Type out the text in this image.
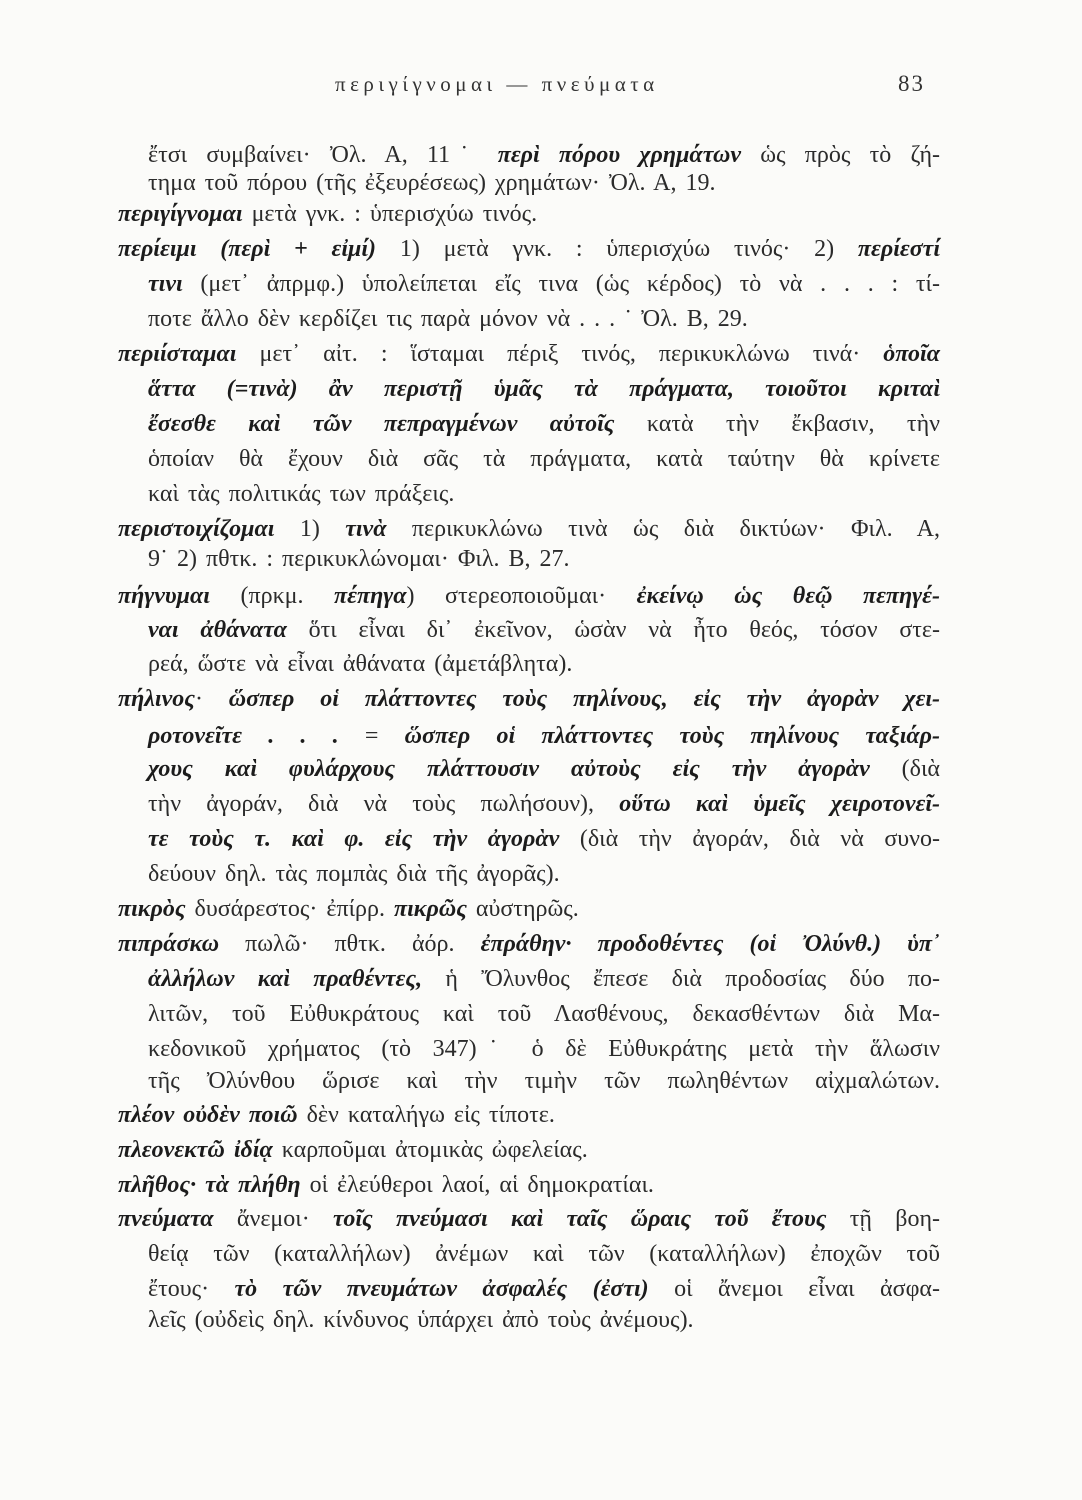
περιγίγνομαι — πνεύματα	83
ἔτσι συμβαίνει· Ὀλ. Α, 11˙ περὶ πόρου χρημάτων ὡς πρὸς τὸ ζή-
τημα τοῦ πόρου (τῆς ἐξευρέσεως) χρημάτων· Ὀλ. Α, 19.
περιγίγνομαι μετὰ γνκ. : ὑπερισχύω τινός.
περίειμι (περὶ + εἰμί) 1) μετὰ γνκ. : ὑπερισχύω τινός· 2) περίεστί
τινι (μετ᾽ ἀπρμφ.) ὑπολείπεται εἴς τινα (ὡς κέρδος) τὸ νὰ . . . : τί-
ποτε ἄλλο δὲν κερδίζει τις παρὰ μόνον νὰ . . . ˙ Ὀλ. Β, 29.
περιίσταμαι μετ᾽ αἰτ. : ἵσταμαι πέριξ τινός, περικυκλώνω τινά· ὁποῖα
ἅττα (=τινὰ) ἂν περιστῇ ὑμᾶς τὰ πράγματα, τοιοῦτοι κριταὶ
ἔσεσθε καὶ τῶν πεπραγμένων αὐτοῖς κατὰ τὴν ἔκβασιν, τὴν
ὁποίαν θὰ ἔχουν διὰ σᾶς τὰ πράγματα, κατὰ ταύτην θὰ κρίνετε
καὶ τὰς πολιτικάς των πράξεις.
περιστοιχίζομαι 1) τινὰ περικυκλώνω τινὰ ὡς διὰ δικτύων· Φιλ. Α,
9˙ 2) πθτκ. : περικυκλώνομαι· Φιλ. Β, 27.
πήγνυμαι (πρκμ. πέπηγα) στερεοποιοῦμαι· ἐκείνῳ ὡς θεῷ πεπηγέ-
ναι ἀθάνατα ὅτι εἶναι δι᾽ ἐκεῖνον, ὡσὰν νὰ ἦτο θεός, τόσον στε-
ρεά, ὥστε νὰ εἶναι ἀθάνατα (ἀμετάβλητα).
πήλινος· ὥσπερ οἱ πλάττοντες τοὺς πηλίνους, εἰς τὴν ἀγορὰν χει-
ροτονεῖτε . . . = ὥσπερ οἱ πλάττοντες τοὺς πηλίνους ταξιάρ-
χους καὶ φυλάρχους πλάττουσιν αὐτοὺς εἰς τὴν ἀγορὰν (διὰ
τὴν ἀγοράν, διὰ νὰ τοὺς πωλήσουν), οὕτω καὶ ὑμεῖς χειροτονεῖ-
τε τοὺς τ. καὶ φ. εἰς τὴν ἀγορὰν (διὰ τὴν ἀγοράν, διὰ νὰ συνο-
δεύουν δηλ. τὰς πομπὰς διὰ τῆς ἀγορᾶς).
πικρὸς δυσάρεστος· ἐπίρρ. πικρῶς αὐστηρῶς.
πιπράσκω πωλῶ· πθτκ. ἀόρ. ἐπράθην· προδοθέντες (οἱ Ὀλύνθ.) ὑπ᾽
ἀλλήλων καὶ πραθέντες, ἡ Ὄλυνθος ἔπεσε διὰ προδοσίας δύο πο-
λιτῶν, τοῦ Εὐθυκράτους καὶ τοῦ Λασθένους, δεκασθέντων διὰ Μα-
κεδονικοῦ χρήματος (τὸ 347)˙ ὁ δὲ Εὐθυκράτης μετὰ τὴν ἅλωσιν
τῆς Ὀλύνθου ὥρισε καὶ τὴν τιμὴν τῶν πωληθέντων αἰχμαλώτων.
πλέον οὐδὲν ποιῶ δὲν καταλήγω εἰς τίποτε.
πλεονεκτῶ ἰδίᾳ καρποῦμαι ἀτομικὰς ὠφελείας.
πλῆθος· τὰ πλήθη οἱ ἐλεύθεροι λαοί, αἱ δημοκρατίαι.
πνεύματα ἄνεμοι· τοῖς πνεύμασι καὶ ταῖς ὥραις τοῦ ἔτους τῇ βοη-
θείᾳ τῶν (καταλλήλων) ἀνέμων καὶ τῶν (καταλλήλων) ἐποχῶν τοῦ
ἔτους· τὸ τῶν πνευμάτων ἀσφαλές (ἐστι) οἱ ἄνεμοι εἶναι ἀσφα-
λεῖς (οὐδεὶς δηλ. κίνδυνος ὑπάρχει ἀπὸ τοὺς ἀνέμους).
